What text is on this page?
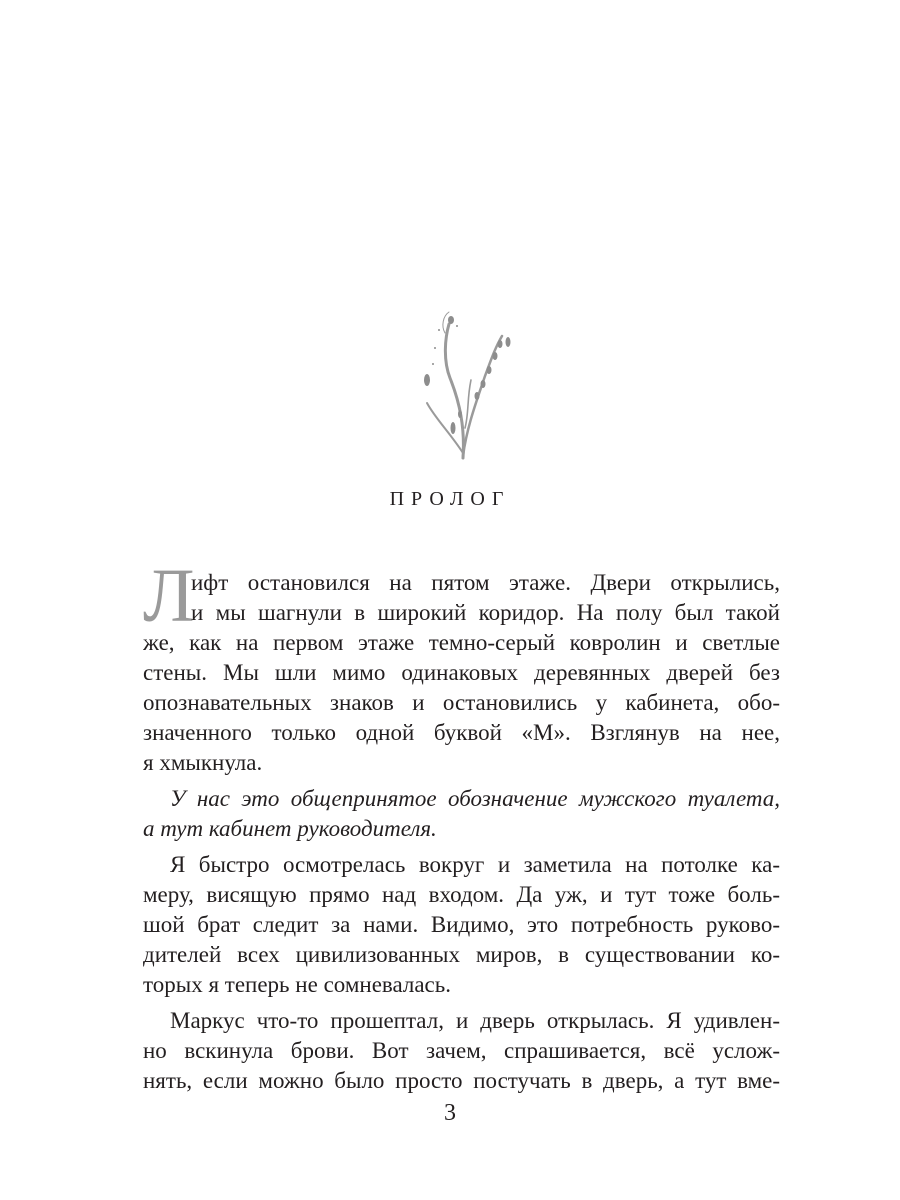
ПРОЛОГ
Л
ифт остановился на пятом этаже. Двери открылись,
и мы шагнули в широкий коридор. На полу был такой
же, как на первом этаже темно-серый ковролин и светлые
стены. Мы шли мимо одинаковых деревянных дверей без
опознавательных знаков и остановились у кабинета, обо-
значенного только одной буквой «М». Взглянув на нее,
я хмыкнула.
У нас это общепринятое обозначение мужского туалета,
а тут кабинет руководителя.
Я быстро осмотрелась вокруг и заметила на потолке ка-
меру, висящую прямо над входом. Да уж, и тут тоже боль-
шой брат следит за нами. Видимо, это потребность руково-
дителей всех цивилизованных миров, в существовании ко-
торых я теперь не сомневалась.
Маркус что-то прошептал, и дверь открылась. Я удивлен-
но вскинула брови. Вот зачем, спрашивается, всё услож-
нять, если можно было просто постучать в дверь, а тут вме-
3
